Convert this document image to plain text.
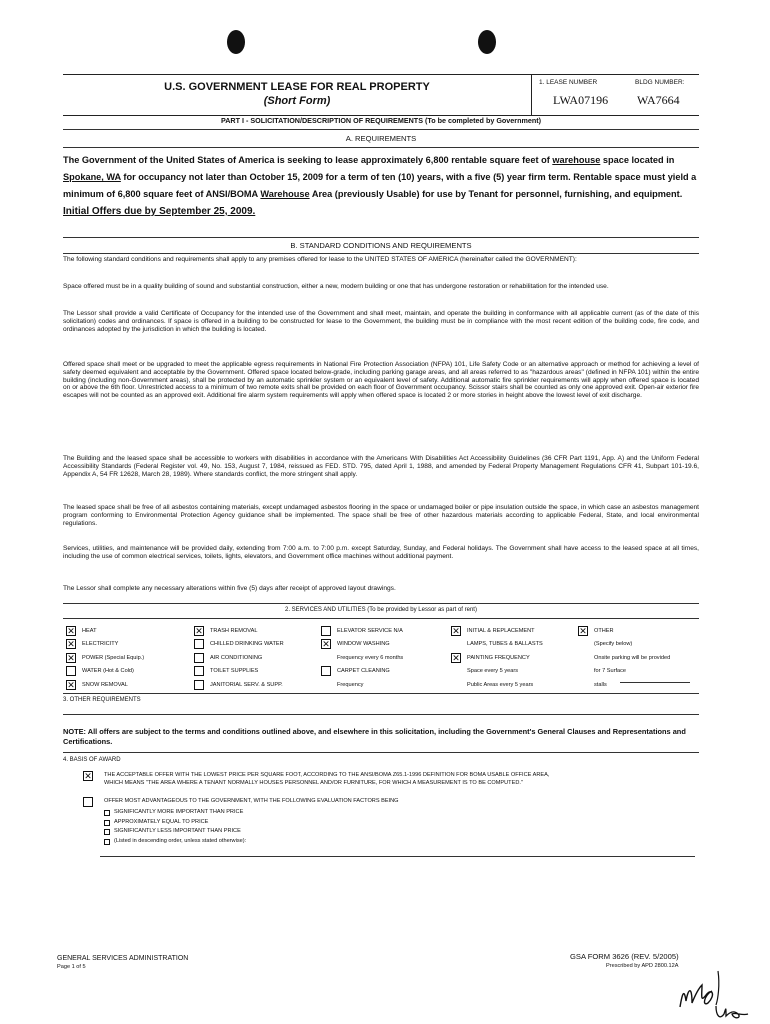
U.S. GOVERNMENT LEASE FOR REAL PROPERTY
(Short Form)
1. LEASE NUMBER	BLDG NUMBER:
LWA07196 WA7664
PART I - SOLICITATION/DESCRIPTION OF REQUIREMENTS (To be completed by Government)
A. REQUIREMENTS
The Government of the United States of America is seeking to lease approximately 6,800 rentable square feet of warehouse space located in Spokane, WA for occupancy not later than October 15, 2009 for a term of ten (10) years, with a five (5) year firm term. Rentable space must yield a minimum of 6,800 square feet of ANSI/BOMA Warehouse Area (previously Usable) for use by Tenant for personnel, furnishing, and equipment. Initial Offers due by September 25, 2009.
B. STANDARD CONDITIONS AND REQUIREMENTS
The following standard conditions and requirements shall apply to any premises offered for lease to the UNITED STATES OF AMERICA (hereinafter called the GOVERNMENT):
Space offered must be in a quality building of sound and substantial construction, either a new, modern building or one that has undergone restoration or rehabilitation for the intended use.
The Lessor shall provide a valid Certificate of Occupancy for the intended use of the Government and shall meet, maintain, and operate the building in conformance with all applicable current (as of the date of this solicitation) codes and ordinances. If space is offered in a building to be constructed for lease to the Government, the building must be in compliance with the most recent edition of the building code, fire code, and ordinances adopted by the jurisdiction in which the building is located.
Offered space shall meet or be upgraded to meet the applicable egress requirements in National Fire Protection Association (NFPA) 101, Life Safety Code or an alternative approach or method for achieving a level of safety deemed equivalent and acceptable by the Government. Offered space located below-grade, including parking garage areas, and all areas referred to as "hazardous areas" (defined in NFPA 101) within the entire building (including non-Government areas), shall be protected by an automatic sprinkler system or an equivalent level of safety. Additional automatic fire sprinkler requirements will apply when offered space is located on or above the 6th floor. Unrestricted access to a minimum of two remote exits shall be provided on each floor of Government occupancy. Scissor stairs shall be counted as only one approved exit. Open-air exterior fire escapes will not be counted as an approved exit. Additional fire alarm system requirements will apply when offered space is located 2 or more stories in height above the lowest level of exit discharge.
The Building and the leased space shall be accessible to workers with disabilities in accordance with the Americans With Disabilities Act Accessibility Guidelines (36 CFR Part 1191, App. A) and the Uniform Federal Accessibility Standards (Federal Register vol. 49, No. 153, August 7, 1984, reissued as FED. STD. 795, dated April 1, 1988, and amended by Federal Property Management Regulations CFR 41, Subpart 101-19.6, Appendix A, 54 FR 12628, March 28, 1989). Where standards conflict, the more stringent shall apply.
The leased space shall be free of all asbestos containing materials, except undamaged asbestos flooring in the space or undamaged boiler or pipe insulation outside the space, in which case an asbestos management program conforming to Environmental Protection Agency guidance shall be implemented. The space shall be free of other hazardous materials according to applicable Federal, State, and local environmental regulations.
Services, utilities, and maintenance will be provided daily, extending from 7:00 a.m. to 7:00 p.m. except Saturday, Sunday, and Federal holidays. The Government shall have access to the leased space at all times, including the use of common electrical services, toilets, lights, elevators, and Government office machines without additional payment.
The Lessor shall complete any necessary alterations within five (5) days after receipt of approved layout drawings.
2. SERVICES AND UTILITIES (To be provided by Lessor as part of rent)
✕ HEAT
✕ ELECTRICITY
✕ POWER (Special Equip.)
WATER (Hot & Cold)
✕ SNOW REMOVAL
✕ TRASH REMOVAL
CHILLED DRINKING WATER
AIR CONDITIONING
TOILET SUPPLIES
JANITORIAL SERV. & SUPP.
ELEVATOR SERVICE N/A
✕ WINDOW WASHING
Frequency every 6 months
CARPET CLEANING
Frequency
✕ INITIAL & REPLACEMENT
LAMPS, TUBES & BALLASTS
✕ PAINTING FREQUENCY
Space every 5 years
Public Areas every 5 years
✕ OTHER
(Specify below)
Onsite parking will be provided
for 7 Surface
stalls
3. OTHER REQUIREMENTS
NOTE: All offers are subject to the terms and conditions outlined above, and elsewhere in this solicitation, including the Government's General Clauses and Representations and Certifications.
4. BASIS OF AWARD
✕ THE ACCEPTABLE OFFER WITH THE LOWEST PRICE PER SQUARE FOOT, ACCORDING TO THE ANSI/BOMA Z65.1-1996 DEFINITION FOR BOMA USABLE OFFICE AREA,
WHICH MEANS "THE AREA WHERE A TENANT NORMALLY HOUSES PERSONNEL AND/OR FURNITURE, FOR WHICH A MEASUREMENT IS TO BE COMPUTED."
OFFER MOST ADVANTAGEOUS TO THE GOVERNMENT, WITH THE FOLLOWING EVALUATION FACTORS BEING
SIGNIFICANTLY MORE IMPORTANT THAN PRICE
APPROXIMATELY EQUAL TO PRICE
SIGNIFICANTLY LESS IMPORTANT THAN PRICE
(Listed in descending order, unless stated otherwise):
GENERAL SERVICES ADMINISTRATION
Page 1 of 5
GSA FORM 3626 (REV. 5/2005)
Prescribed by APD 2800.12A
